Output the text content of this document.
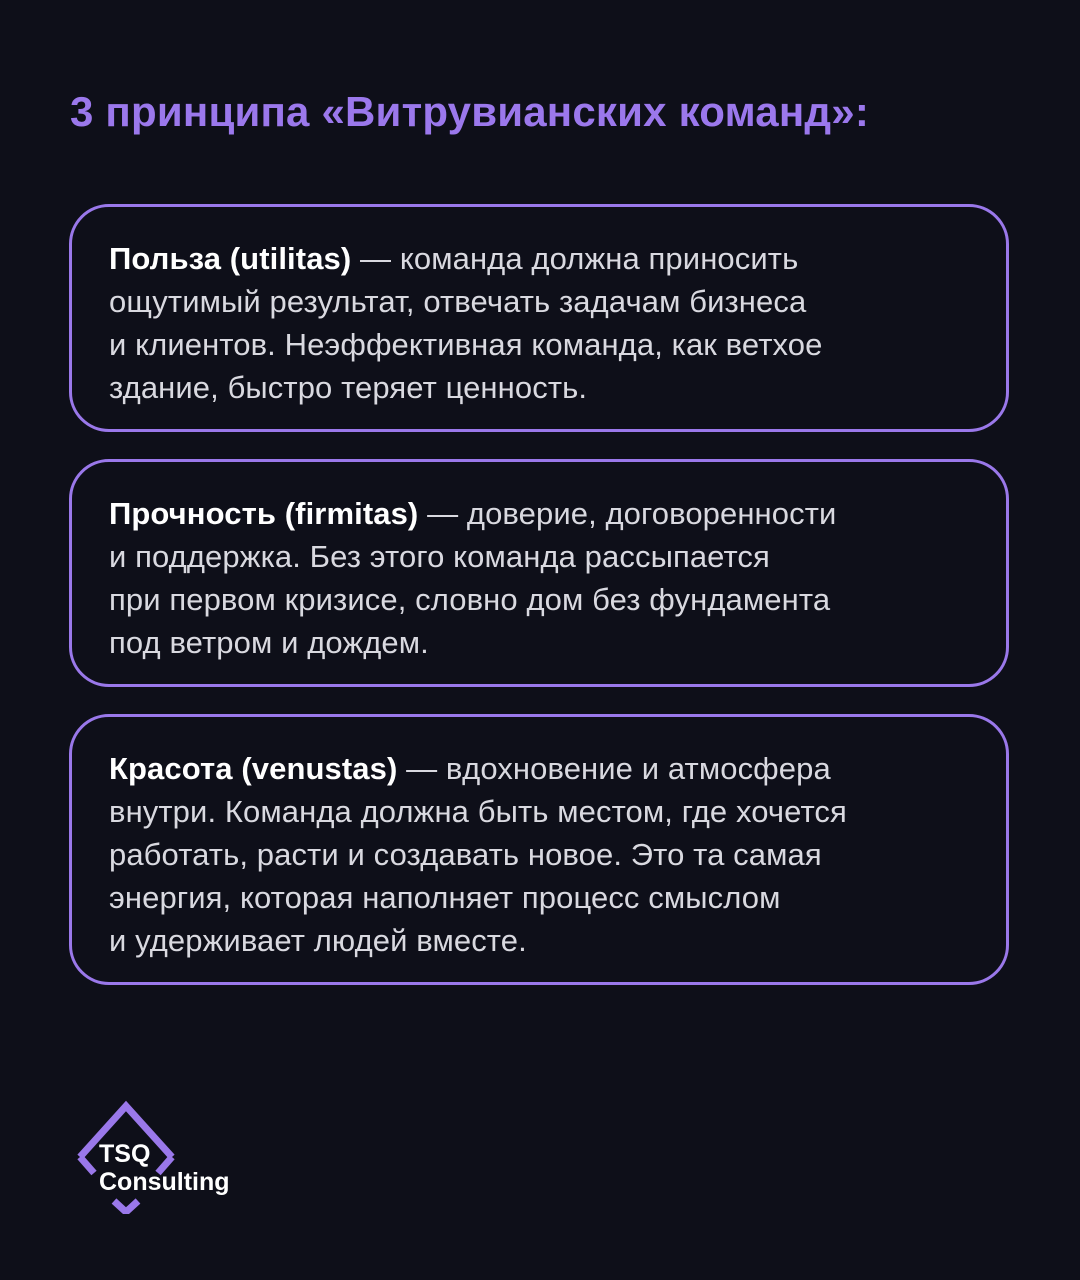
3 принципа «Витрувианских команд»:

Польза (utilitas) — команда должна приносить
ощутимый результат, отвечать задачам бизнеса
и клиентов. Неэффективная команда, как ветхое
здание, быстро теряет ценность.

Прочность (firmitas) — доверие, договоренности
и поддержка. Без этого команда рассыпается
при первом кризисе, словно дом без фундамента
под ветром и дождем.

Красота (venustas) — вдохновение и атмосфера
внутри. Команда должна быть местом, где хочется
работать, расти и создавать новое. Это та самая
энергия, которая наполняет процесс смыслом
и удерживает людей вместе.

TSQ
Consulting
